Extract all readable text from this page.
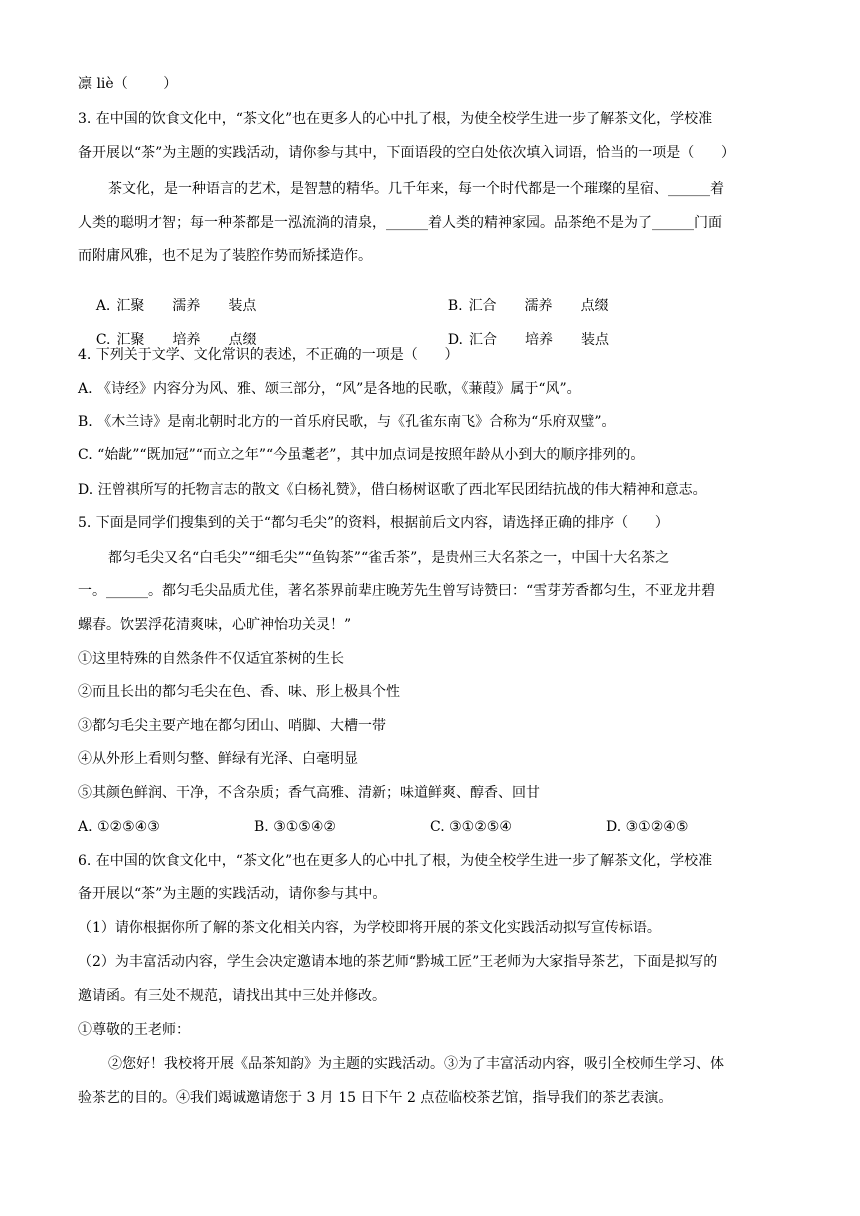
凛 liè（        ）
3. 在中国的饮食文化中，“茶文化”也在更多人的心中扎了根，为使全校学生进一步了解茶文化，学校准
备开展以“茶”为主题的实践活动，请你参与其中，下面语段的空白处依次填入词语，恰当的一项是（      ）
茶文化，是一种语言的艺术，是智慧的精华。几千年来，每一个时代都是一个璀璨的星宿、______着
人类的聪明才智；每一种茶都是一泓流淌的清泉，______着人类的精神家园。品茶绝不是为了______门面
而附庸风雅，也不足为了装腔作势而矫揉造作。

A. 汇聚 濡养 装点
	B. 汇合 濡养 点缀

C. 汇聚 培养 点缀
	D. 汇合 培养 装点

4. 下列关于文学、文化常识的表述，不正确的一项是（      ）
A. 《诗经》内容分为风、雅、颂三部分，“风”是各地的民歌，《蒹葭》属于“风”。
B. 《木兰诗》是南北朝时北方的一首乐府民歌，与《孔雀东南飞》合称为“乐府双璧”。
C. “始龀”“既加冠”“而立之年”“今虽耄老”，其中加点词是按照年龄从小到大的顺序排列的。
D. 汪曾祺所写的托物言志的散文《白杨礼赞》，借白杨树讴歌了西北军民团结抗战的伟大精神和意志。
5. 下面是同学们搜集到的关于“都匀毛尖”的资料，根据前后文内容，请选择正确的排序（      ）
都匀毛尖又名“白毛尖”“细毛尖”“鱼钩茶”“雀舌茶”，是贵州三大名茶之一，中国十大名茶之
一。______。都匀毛尖品质尤佳，著名茶界前辈庄晚芳先生曾写诗赞曰：“雪芽芳香都匀生，不亚龙井碧
螺春。饮罢浮花清爽味，心旷神怡功关灵！”
①这里特殊的自然条件不仅适宜茶树的生长
②而且长出的都匀毛尖在色、香、味、形上极具个性
③都匀毛尖主要产地在都匀团山、哨脚、大槽一带
④从外形上看则匀整、鲜绿有光泽、白毫明显
⑤其颜色鲜润、干净，不含杂质；香气高雅、清新；味道鲜爽、醇香、回甘
A. ①②⑤④③	B. ③①⑤④②	C. ③①②⑤④	D. ③①②④⑤
6. 在中国的饮食文化中，“茶文化”也在更多人的心中扎了根，为使全校学生进一步了解茶文化，学校准
备开展以“茶”为主题的实践活动，请你参与其中。
（1）请你根据你所了解的茶文化相关内容，为学校即将开展的茶文化实践活动拟写宣传标语。
（2）为丰富活动内容，学生会决定邀请本地的茶艺师“黔城工匠”王老师为大家指导茶艺，下面是拟写的
邀请函。有三处不规范，请找出其中三处并修改。
①尊敬的王老师：
②您好！我校将开展《品茶知韵》为主题的实践活动。③为了丰富活动内容，吸引全校师生学习、体
验茶艺的目的。④我们竭诚邀请您于 3 月 15 日下午 2 点莅临校茶艺馆，指导我们的茶艺表演。
